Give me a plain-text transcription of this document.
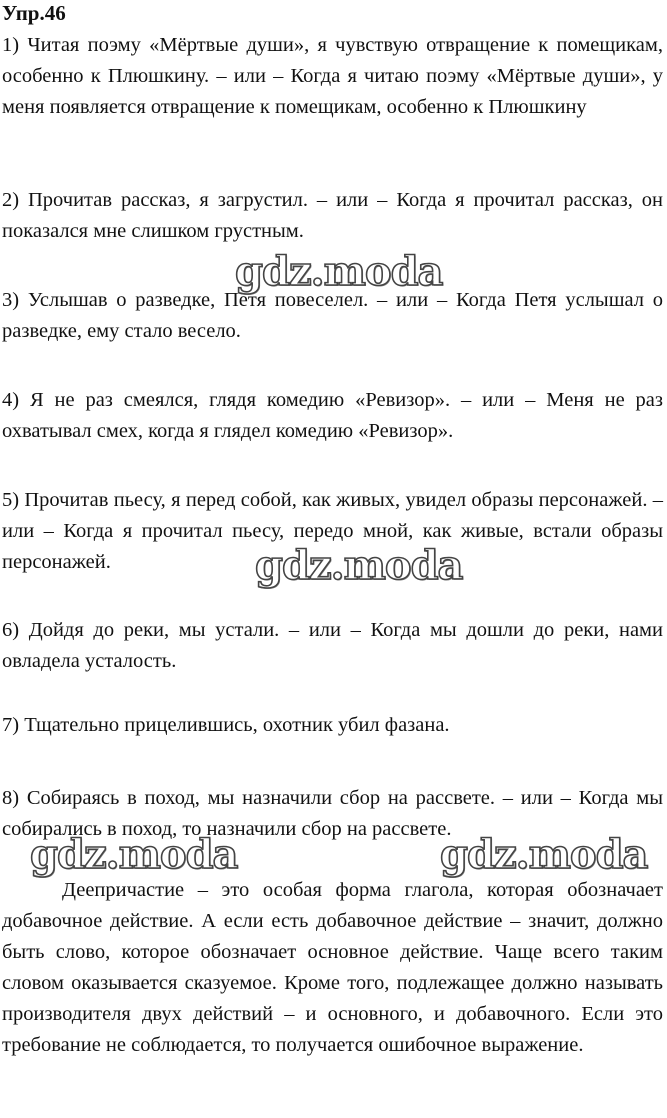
Упр.46

1) Читая поэму «Мёртвые души», я чувствую отвращение к помещикам, особенно к Плюшкину. – или – Когда я читаю поэму «Мёртвые души», у меня появляется отвращение к помещикам, особенно к Плюшкину

2) Прочитав рассказ, я загрустил. – или – Когда я прочитал рассказ, он показался мне слишком грустным.

3) Услышав о разведке, Петя повеселел. – или – Когда Петя услышал о разведке, ему стало весело.

4) Я не раз смеялся, глядя комедию «Ревизор». – или – Меня не раз охватывал смех, когда я глядел комедию «Ревизор».

5) Прочитав пьесу, я перед собой, как живых, увидел образы персонажей. – или – Когда я прочитал пьесу, передо мной, как живые, встали образы персонажей.

6) Дойдя до реки, мы устали. – или – Когда мы дошли до реки, нами овладела усталость.

7) Тщательно прицелившись, охотник убил фазана.

8) Собираясь в поход, мы назначили сбор на рассвете. – или – Когда мы собирались в поход, то назначили сбор на рассвете.

Деепричастие – это особая форма глагола, которая обозначает добавочное действие. А если есть добавочное действие – значит, должно быть слово, которое обозначает основное действие. Чаще всего таким словом оказывается сказуемое. Кроме того, подлежащее должно называть производителя двух действий – и основного, и добавочного. Если это требование не соблюдается, то получается ошибочное выражение.

gdz.moda
gdz.moda
gdz.moda	gdz.moda
